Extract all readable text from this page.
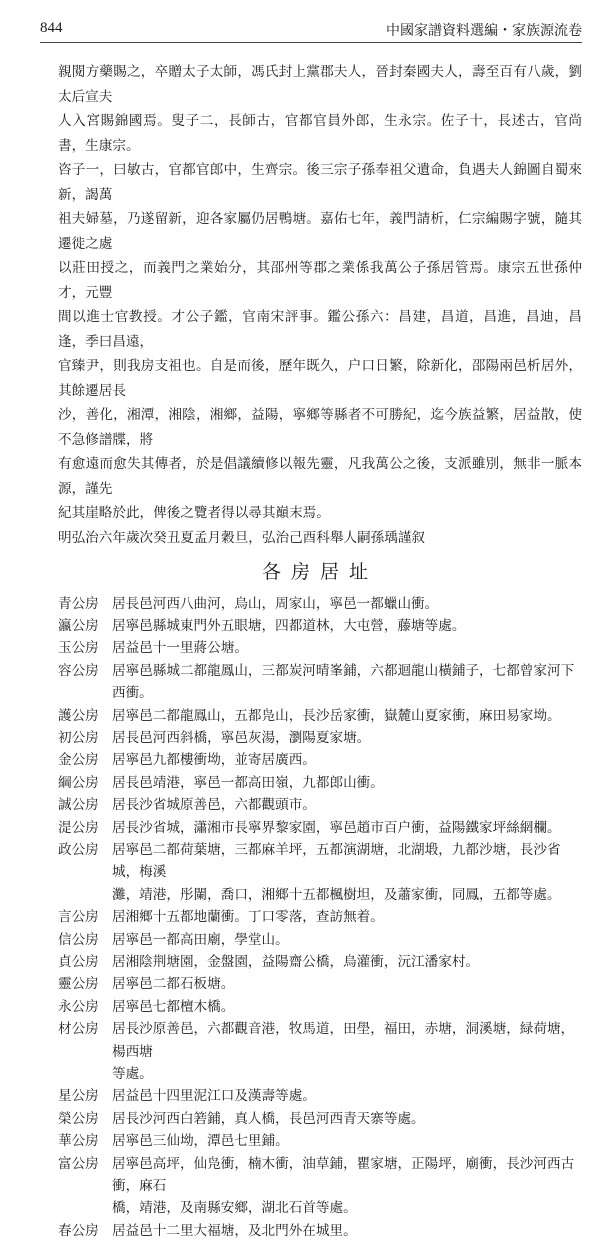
844	中國家譜資料選編・家族源流卷
親閱方藥賜之，卒贈太子太師，馮氏封上黨郡夫人，晉封秦國夫人，壽至百有八歲，劉太后宣夫
人入宮賜錦國焉。叟子二，長師古，官都官員外郎，生永宗。佐子十，長述古，官尚書，生康宗。
咨子一，曰敏古，官都官郎中，生齊宗。後三宗子孫奉祖父遺命，負遇夫人錦圖自蜀來新，謁萬
祖夫婦墓，乃遂留新，迎各家屬仍居鴨塘。嘉佑七年，義門請析，仁宗編賜字號，隨其遷徙之處
以莊田授之，而義門之業始分，其邵州等郡之業係我萬公子孫居管焉。康宗五世孫仲才，元豐
間以進士官教授。才公子鑑，官南宋評事。鑑公孫六：昌建，昌道，昌進，昌迪，昌逢，季曰昌遠，
官臻尹，則我房支祖也。自是而後，歷年既久，户口日繁，除新化，邵陽兩邑析居外，其餘遷居長
沙，善化，湘潭，湘陰，湘鄉，益陽，寧鄉等縣者不可勝紀，迄今族益繁，居益散，使不急修譜牒，將
有愈遠而愈失其傳者，於是倡議續修以報先靈，凡我萬公之後，支派雖別，無非一脈本源，謹先
紀其崖略於此，俾後之覽者得以尋其巔末焉。
明弘治六年歲次癸丑夏孟月穀旦，弘治己酉科舉人嗣孫瑀謹叙
各房居址
青公房 居長邑河西八曲河，烏山，周家山，寧邑一都蠟山衝。
瀛公房 居寧邑縣城東門外五眼塘，四都道林，大屯營，藤塘等處。
玉公房 居益邑十一里蔣公塘。
容公房 居寧邑縣城二都龍鳳山，三都炭河晴峯鋪，六都迴龍山橫鋪子，七都曾家河下
西衝。
護公房 居寧邑二都龍鳳山，五都凫山，長沙岳家衝，嶽麓山夏家衝，麻田易家坳。
初公房 居長邑河西斜橋，寧邑灰湯，瀏陽夏家塘。
金公房 居寧邑九都樓衝坳，並寄居廣西。
綱公房 居長邑靖港，寧邑一都高田嶺，九都郎山衝。
誠公房 居長沙省城原善邑，六都觀頭市。
湜公房 居長沙省城，瀟湘市長寧界黎家園，寧邑趙市百户衝，益陽鐵家坪絲網欄。
政公房 居寧邑二都荷葉塘，三都麻羊坪，五都演湖塘，北湖塅，九都沙塘，長沙省城，梅溪
灘，靖港，彤闌，喬口，湘鄉十五都楓樹坦，及蕭家衝，同鳳，五都等處。
言公房 居湘鄉十五都地蘭衝。丁口零落，查訪無着。
信公房 居寧邑一都高田廟，學堂山。
貞公房 居湘陰荆塘園，金盤園，益陽齋公橋，烏灌衝，沅江潘家村。
靈公房 居寧邑二都石板塘。
永公房 居寧邑七都檀木橋。
材公房 居長沙原善邑，六都觀音港，牧馬道，田壆，福田，赤塘，洞溪塘，緑荷塘，楊西塘
等處。
星公房 居益邑十四里泥江口及漢壽等處。
榮公房 居長沙河西白箬鋪，真人橋，長邑河西青天寨等處。
華公房 居寧邑三仙坳，潭邑七里鋪。
富公房 居寧邑高坪，仙凫衝，楠木衝，油草鋪，瞿家塘，正陽坪，廟衝，長沙河西古衝，麻石
橋，靖港，及南縣安鄉，湖北石首等處。
春公房 居益邑十二里大福塘，及北門外在城里。
